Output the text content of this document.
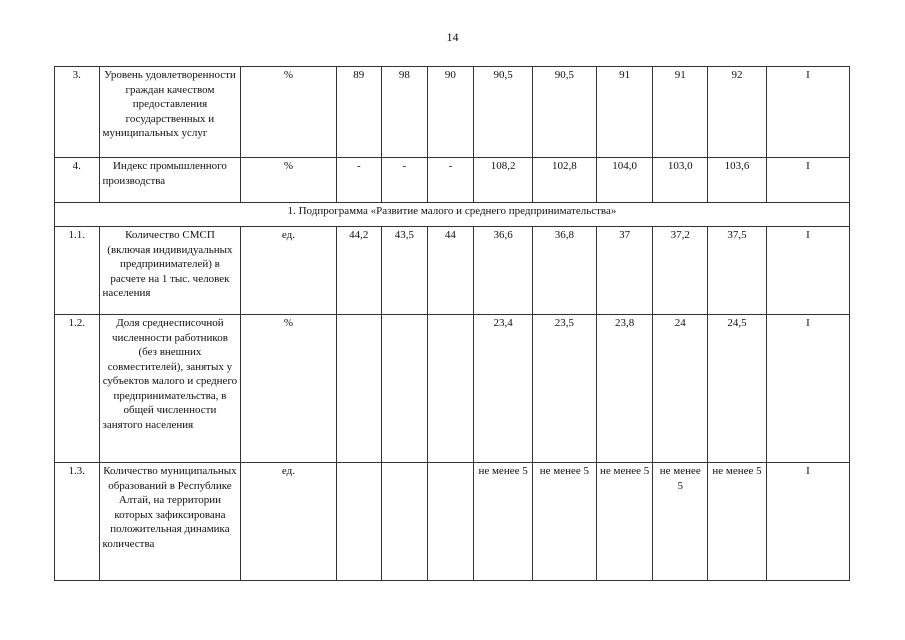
14
3.	Уровень удовлетворенности граждан качеством предоставления государственных и муниципальных услуг	%	89	98	90	90,5	90,5	91	91	92	I
4.	Индекс промышленного производства	%	-	-	-	108,2	102,8	104,0	103,0	103,6	I
1. Подпрограмма «Развитие малого и среднего предпринимательства»											
1.1.	Количество СМСП (включая индивидуальных предпринимателей) в расчете на 1 тыс. человек населения	ед.	44,2	43,5	44	36,6	36,8	37	37,2	37,5	I
1.2.	Доля среднесписочной численности работников (без внешних совместителей), занятых у субъектов малого и среднего предпринимательства, в общей численности занятого населения	%				23,4	23,5	23,8	24	24,5	I
1.3.	Количество муниципальных образований в Республике Алтай, на территории которых зафиксирована положительная динамика количества	ед.				не менее 5	не менее 5	не менее 5	не менее 5	не менее 5	I
